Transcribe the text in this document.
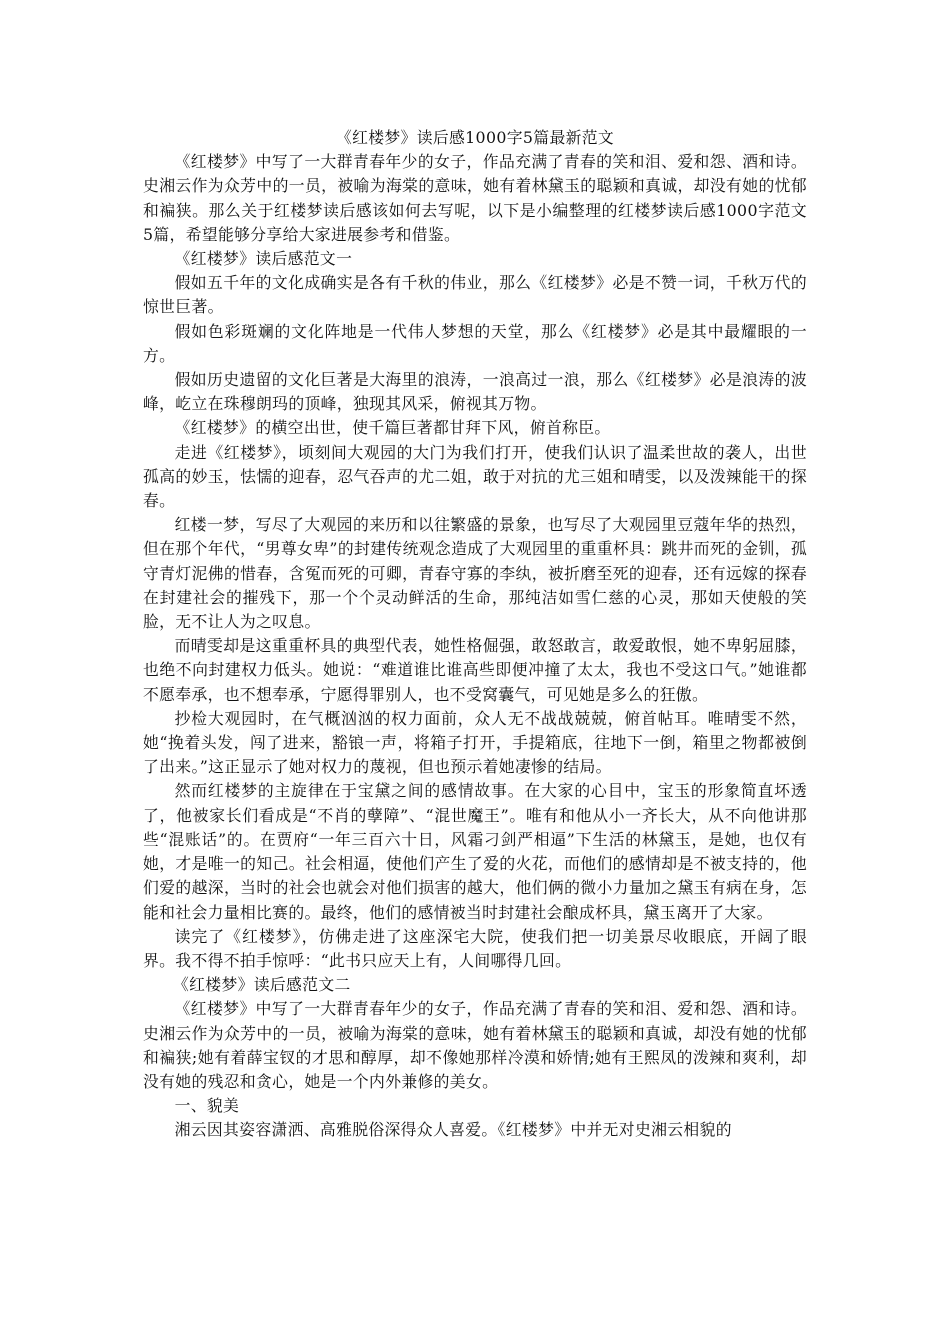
《红楼梦》读后感1000字5篇最新范文

《红楼梦》中写了一大群青春年少的女子，作品充满了青春的笑和泪、爱和怨、酒和诗。史湘云作为众芳中的一员，被喻为海棠的意味，她有着林黛玉的聪颖和真诚，却没有她的忧郁和褊狭。那么关于红楼梦读后感该如何去写呢，以下是小编整理的红楼梦读后感1000字范文5篇，希望能够分享给大家进展参考和借鉴。

《红楼梦》读后感范文一

假如五千年的文化成确实是各有千秋的伟业，那么《红楼梦》必是不赞一词，千秋万代的惊世巨著。

假如色彩斑斓的文化阵地是一代伟人梦想的天堂，那么《红楼梦》必是其中最耀眼的一方。

假如历史遗留的文化巨著是大海里的浪涛，一浪高过一浪，那么《红楼梦》必是浪涛的波峰，屹立在珠穆朗玛的顶峰，独现其风采，俯视其万物。

《红楼梦》的横空出世，使千篇巨著都甘拜下风，俯首称臣。

走进《红楼梦》，顷刻间大观园的大门为我们打开，使我们认识了温柔世故的袭人，出世孤高的妙玉，怯懦的迎春，忍气吞声的尤二姐，敢于对抗的尤三姐和晴雯，以及泼辣能干的探春。

红楼一梦，写尽了大观园的来历和以往繁盛的景象，也写尽了大观园里豆蔻年华的热烈，但在那个年代，“男尊女卑”的封建传统观念造成了大观园里的重重杯具：跳井而死的金钏，孤守青灯泥佛的惜春，含冤而死的可卿，青春守寡的李纨，被折磨至死的迎春，还有远嫁的探春在封建社会的摧残下，那一个个灵动鲜活的生命，那纯洁如雪仁慈的心灵，那如天使般的笑脸，无不让人为之叹息。

而晴雯却是这重重杯具的典型代表，她性格倔强，敢怒敢言，敢爱敢恨，她不卑躬屈膝，也绝不向封建权力低头。她说：“难道谁比谁高些即便冲撞了太太，我也不受这口气。”她谁都不愿奉承，也不想奉承，宁愿得罪别人，也不受窝囊气，可见她是多么的狂傲。

抄检大观园时，在气概汹汹的权力面前，众人无不战战兢兢，俯首帖耳。唯晴雯不然，她“挽着头发，闯了进来，豁锒一声，将箱子打开，手提箱底，往地下一倒，箱里之物都被倒了出来。”这正显示了她对权力的蔑视，但也预示着她凄惨的结局。

然而红楼梦的主旋律在于宝黛之间的感情故事。在大家的心目中，宝玉的形象简直坏透了，他被家长们看成是“不肖的孽障”、“混世魔王”。唯有和他从小一齐长大，从不向他讲那些“混账话”的。在贾府“一年三百六十日，风霜刁剑严相逼”下生活的林黛玉，是她，也仅有她，才是唯一的知己。社会相逼，使他们产生了爱的火花，而他们的感情却是不被支持的，他们爱的越深，当时的社会也就会对他们损害的越大，他们俩的微小力量加之黛玉有病在身，怎能和社会力量相比赛的。最终，他们的感情被当时封建社会酿成杯具，黛玉离开了大家。

读完了《红楼梦》，仿佛走进了这座深宅大院，使我们把一切美景尽收眼底，开阔了眼界。我不得不拍手惊呼：“此书只应天上有，人间哪得几回。

《红楼梦》读后感范文二

《红楼梦》中写了一大群青春年少的女子，作品充满了青春的笑和泪、爱和怨、酒和诗。史湘云作为众芳中的一员，被喻为海棠的意味，她有着林黛玉的聪颖和真诚，却没有她的忧郁和褊狭;她有着薛宝钗的才思和醇厚，却不像她那样冷漠和娇情;她有王熙凤的泼辣和爽利，却没有她的残忍和贪心，她是一个内外兼修的美女。

一、貌美

湘云因其姿容潇洒、高雅脱俗深得众人喜爱。《红楼梦》中并无对史湘云相貌的
